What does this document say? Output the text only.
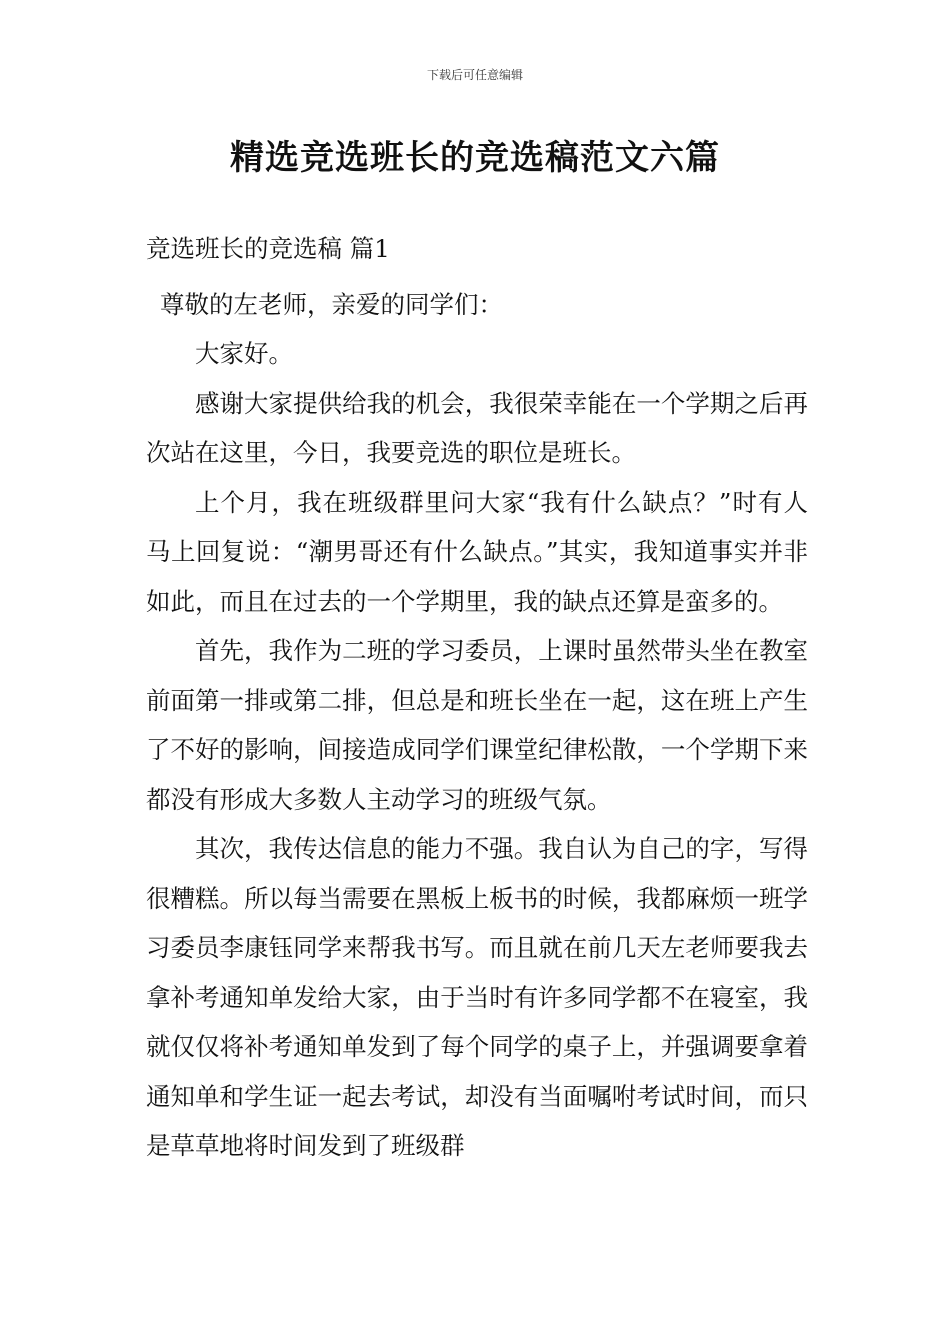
下载后可任意编辑
精选竞选班长的竞选稿范文六篇

竞选班长的竞选稿 篇1

尊敬的左老师，亲爱的同学们：

大家好。

感谢大家提供给我的机会，我很荣幸能在一个学期之后再次站在这里，今日，我要竞选的职位是班长。

上个月，我在班级群里问大家“我有什么缺点？”时有人马上回复说：“潮男哥还有什么缺点。”其实，我知道事实并非如此，而且在过去的一个学期里，我的缺点还算是蛮多的。

首先，我作为二班的学习委员，上课时虽然带头坐在教室前面第一排或第二排，但总是和班长坐在一起，这在班上产生了不好的影响，间接造成同学们课堂纪律松散，一个学期下来都没有形成大多数人主动学习的班级气氛。

其次，我传达信息的能力不强。我自认为自己的字，写得很糟糕。所以每当需要在黑板上板书的时候，我都麻烦一班学习委员李康钰同学来帮我书写。而且就在前几天左老师要我去拿补考通知单发给大家，由于当时有许多同学都不在寝室，我就仅仅将补考通知单发到了每个同学的桌子上，并强调要拿着通知单和学生证一起去考试，却没有当面嘱咐考试时间，而只是草草地将时间发到了班级群
